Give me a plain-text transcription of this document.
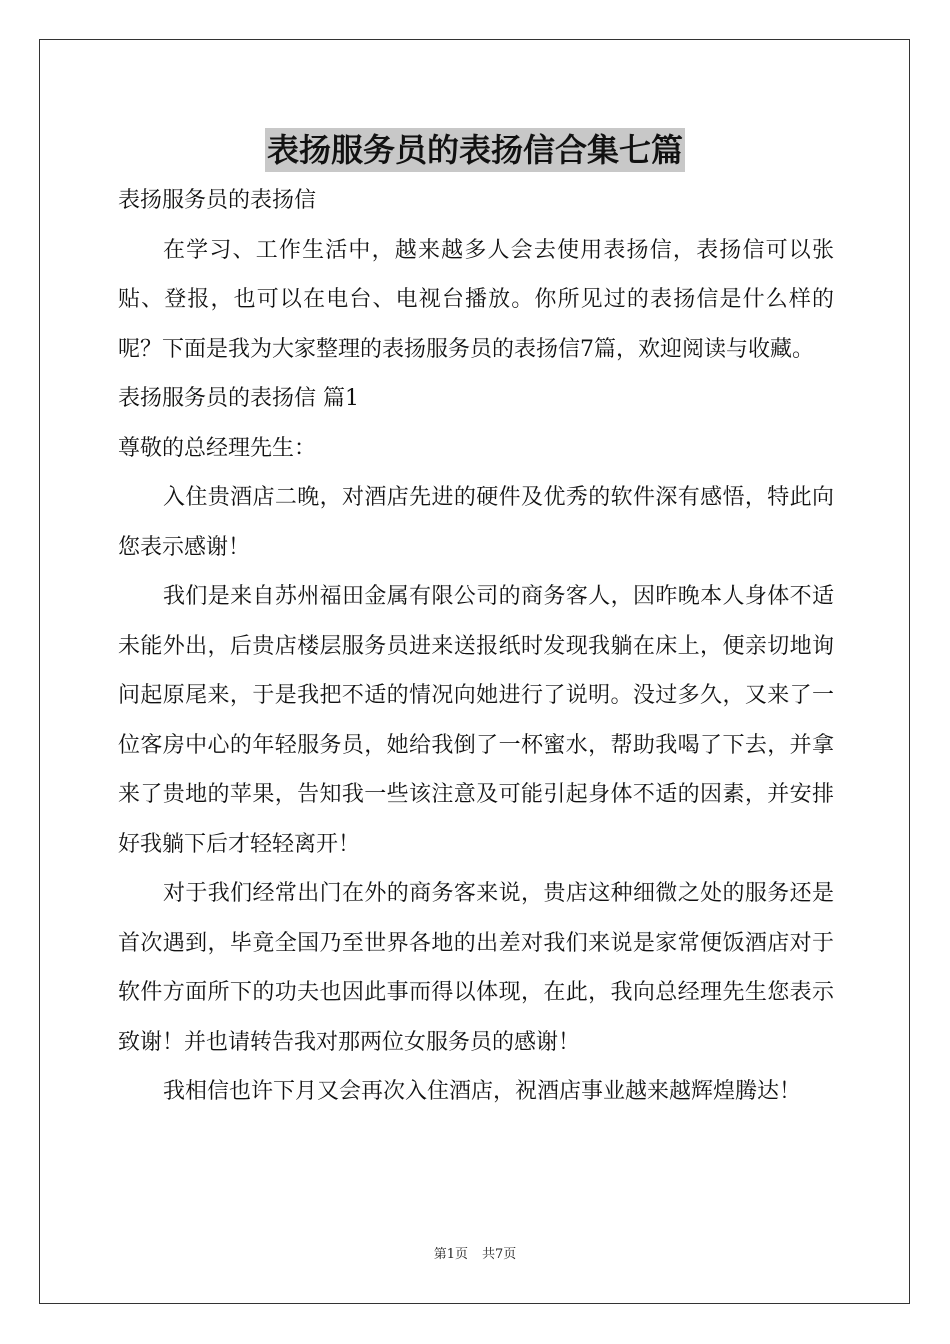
表扬服务员的表扬信合集七篇

表扬服务员的表扬信

在学习、工作生活中，越来越多人会去使用表扬信，表扬信可以张贴、登报，也可以在电台、电视台播放。你所见过的表扬信是什么样的呢？下面是我为大家整理的表扬服务员的表扬信7篇，欢迎阅读与收藏。

表扬服务员的表扬信 篇1

尊敬的总经理先生：

入住贵酒店二晚，对酒店先进的硬件及优秀的软件深有感悟，特此向您表示感谢！

我们是来自苏州福田金属有限公司的商务客人，因昨晚本人身体不适未能外出，后贵店楼层服务员进来送报纸时发现我躺在床上，便亲切地询问起原尾来，于是我把不适的情况向她进行了说明。没过多久，又来了一位客房中心的年轻服务员，她给我倒了一杯蜜水，帮助我喝了下去，并拿来了贵地的苹果，告知我一些该注意及可能引起身体不适的因素，并安排好我躺下后才轻轻离开！

对于我们经常出门在外的商务客来说，贵店这种细微之处的服务还是首次遇到，毕竟全国乃至世界各地的出差对我们来说是家常便饭酒店对于软件方面所下的功夫也因此事而得以体现，在此，我向总经理先生您表示致谢！并也请转告我对那两位女服务员的感谢！

我相信也许下月又会再次入住酒店，祝酒店事业越来越辉煌腾达！

第1页 共7页
